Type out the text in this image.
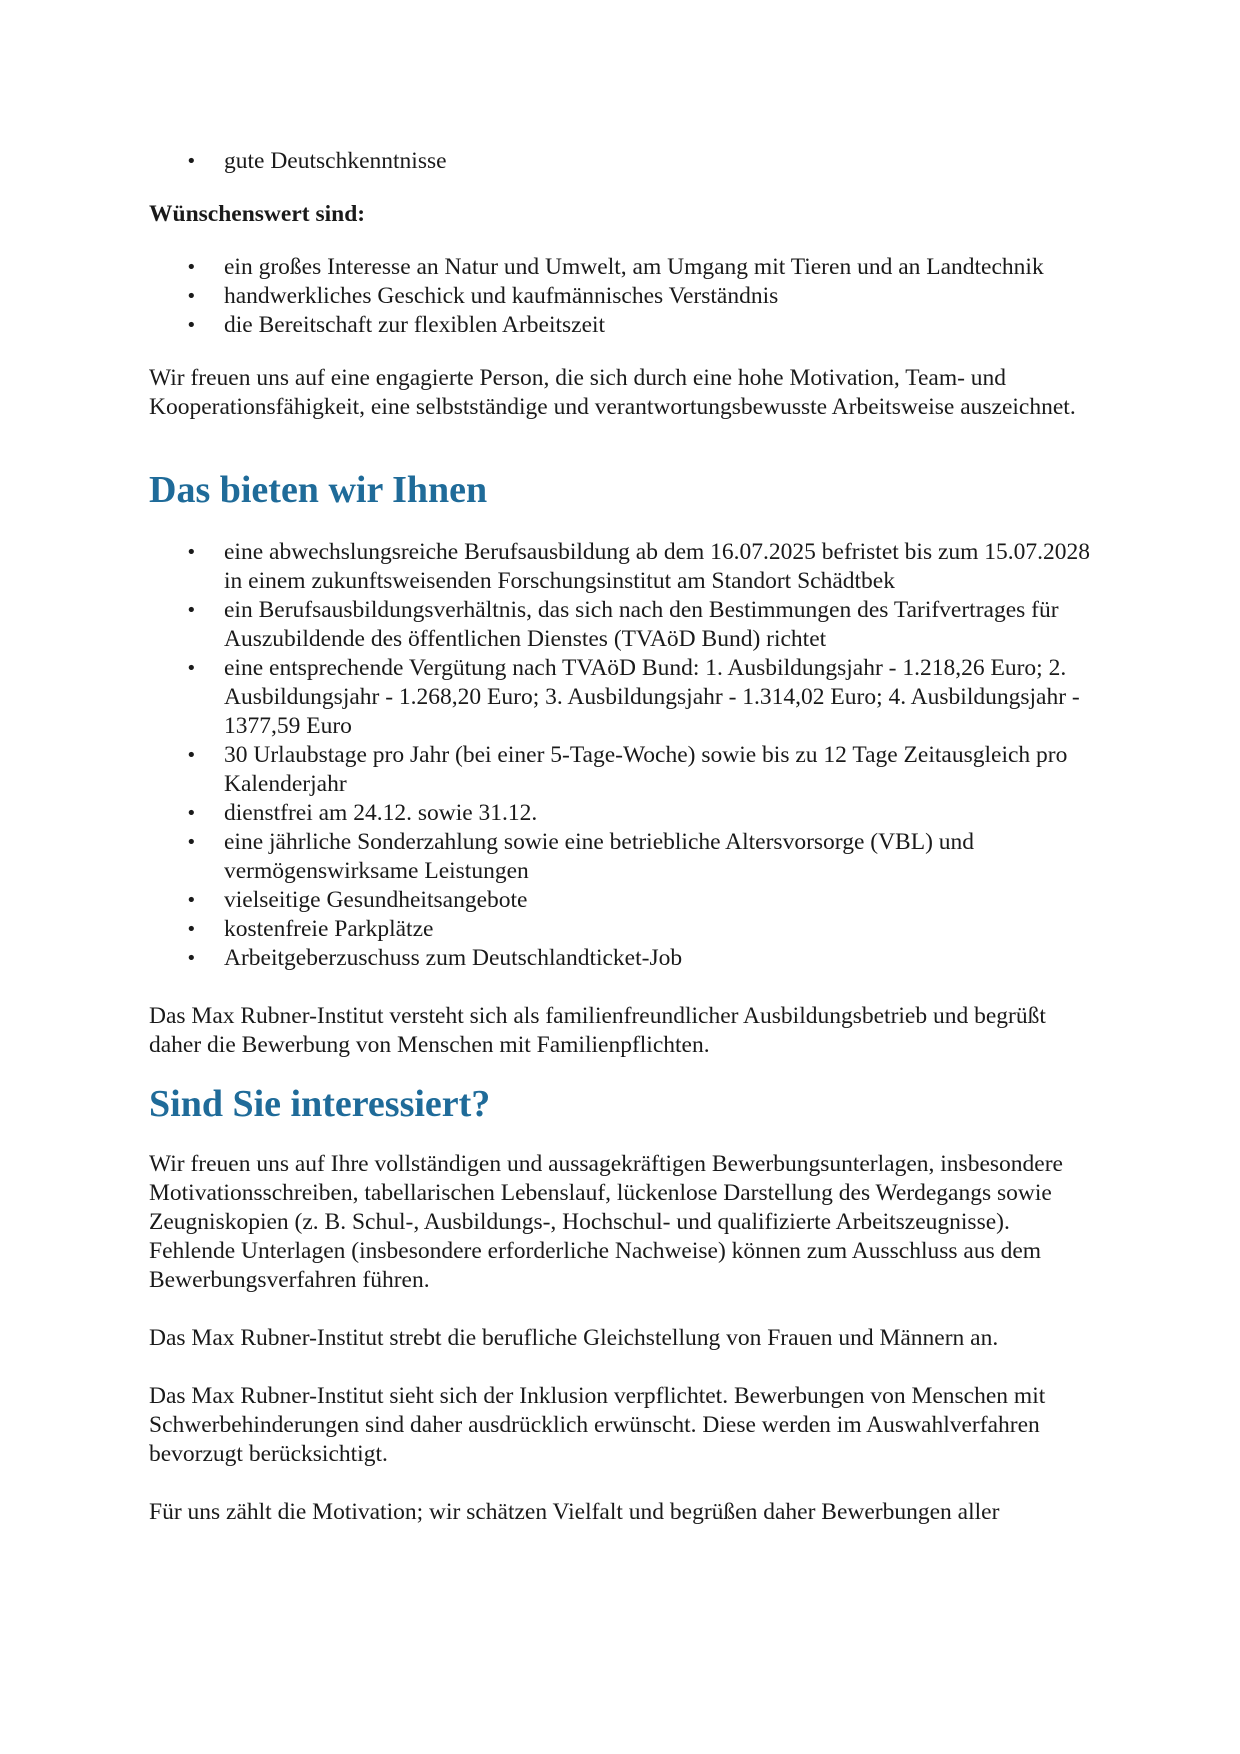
• gute Deutschkenntnisse

Wünschenswert sind:

• ein großes Interesse an Natur und Umwelt, am Umgang mit Tieren und an Landtechnik
• handwerkliches Geschick und kaufmännisches Verständnis
• die Bereitschaft zur flexiblen Arbeitszeit

Wir freuen uns auf eine engagierte Person, die sich durch eine hohe Motivation, Team- und Kooperationsfähigkeit, eine selbstständige und verantwortungsbewusste Arbeitsweise auszeichnet.

Das bieten wir Ihnen
• eine abwechslungsreiche Berufsausbildung ab dem 16.07.2025 befristet bis zum 15.07.2028 in einem zukunftsweisenden Forschungsinstitut am Standort Schädtbek
• ein Berufsausbildungsverhältnis, das sich nach den Bestimmungen des Tarifvertrages für Auszubildende des öffentlichen Dienstes (TVAöD Bund) richtet
• eine entsprechende Vergütung nach TVAöD Bund: 1. Ausbildungsjahr - 1.218,26 Euro; 2. Ausbildungsjahr - 1.268,20 Euro; 3. Ausbildungsjahr - 1.314,02 Euro; 4. Ausbildungsjahr - 1377,59 Euro
• 30 Urlaubstage pro Jahr (bei einer 5-Tage-Woche) sowie bis zu 12 Tage Zeitausgleich pro Kalenderjahr
• dienstfrei am 24.12. sowie 31.12.
• eine jährliche Sonderzahlung sowie eine betriebliche Altersvorsorge (VBL) und vermögenswirksame Leistungen
• vielseitige Gesundheitsangebote
• kostenfreie Parkplätze
• Arbeitgeberzuschuss zum Deutschlandticket-Job

Das Max Rubner-Institut versteht sich als familienfreundlicher Ausbildungsbetrieb und begrüßt daher die Bewerbung von Menschen mit Familienpflichten.

Sind Sie interessiert?

Wir freuen uns auf Ihre vollständigen und aussagekräftigen Bewerbungsunterlagen, insbesondere Motivationsschreiben, tabellarischen Lebenslauf, lückenlose Darstellung des Werdegangs sowie Zeugniskopien (z. B. Schul-, Ausbildungs-, Hochschul- und qualifizierte Arbeitszeugnisse). Fehlende Unterlagen (insbesondere erforderliche Nachweise) können zum Ausschluss aus dem Bewerbungsverfahren führen.

Das Max Rubner-Institut strebt die berufliche Gleichstellung von Frauen und Männern an.

Das Max Rubner-Institut sieht sich der Inklusion verpflichtet. Bewerbungen von Menschen mit Schwerbehinderungen sind daher ausdrücklich erwünscht. Diese werden im Auswahlverfahren bevorzugt berücksichtigt.

Für uns zählt die Motivation; wir schätzen Vielfalt und begrüßen daher Bewerbungen aller
